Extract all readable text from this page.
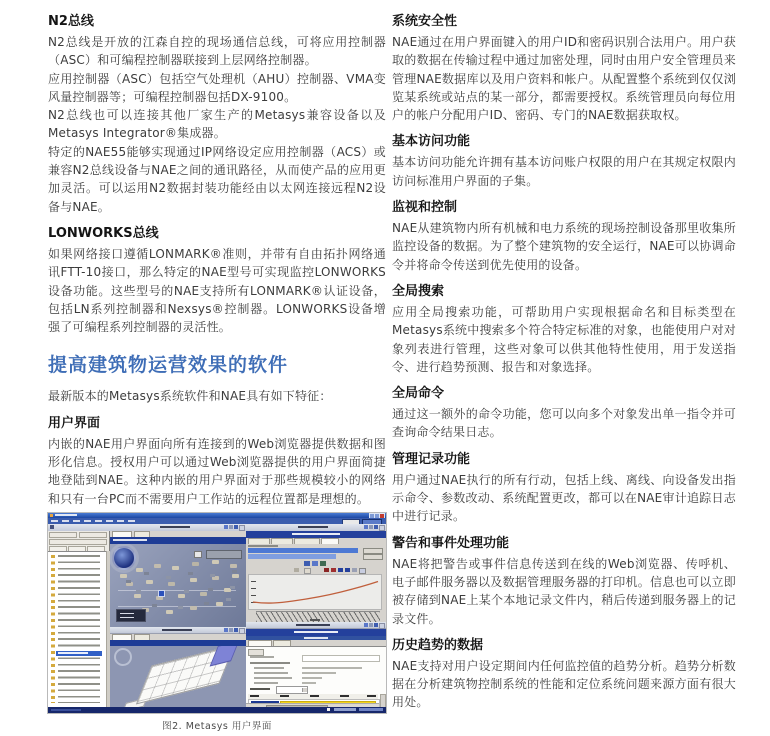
N2总线

N2总线是开放的江森自控的现场通信总线，可将应用控制器（ASC）和可编程控制器联接到上层网络控制器。

应用控制器（ASC）包括空气处理机（AHU）控制器、VMA变风量控制器等；可编程控制器包括DX-9100。

N2总线也可以连接其他厂家生产的Metasys兼容设备以及Metasys Integrator®集成器。

特定的NAE55能够实现通过IP网络设定应用控制器（ACS）或兼容N2总线设备与NAE之间的通讯路径，从而使产品的应用更加灵活。可以运用N2数据封装功能经由以太网连接远程N2设备与NAE。

LONWORKS总线

如果网络接口遵循LONMARK®准则，并带有自由拓扑网络通讯FTT-10接口，那么特定的NAE型号可实现监控LONWORKS设备功能。这些型号的NAE支持所有LONMARK®认证设备，包括LN系列控制器和Nexsys®控制器。LONWORKS设备增强了可编程系列控制器的灵活性。

提高建筑物运营效果的软件

最新版本的Metasys系统软件和NAE具有如下特征：

用户界面

内嵌的NAE用户界面向所有连接到的Web浏览器提供数据和图形化信息。授权用户可以通过Web浏览器提供的用户界面简捷地登陆到NAE。这种内嵌的用户界面对于那些规模较小的网络和只有一台PC而不需要用户工作站的远程位置都是理想的。

图2. Metasys 用户界面
系统安全性

NAE通过在用户界面键入的用户ID和密码识别合法用户。用户获取的数据在传输过程中通过加密处理，同时由用户安全管理员来管理NAE数据库以及用户资料和帐户。从配置整个系统到仅仅浏览某系统或站点的某一部分，都需要授权。系统管理员向每位用户的帐户分配用户ID、密码、专门的NAE数据获取权。

基本访问功能

基本访问功能允许拥有基本访问账户权限的用户在其规定权限内访问标准用户界面的子集。

监视和控制

NAE从建筑物内所有机械和电力系统的现场控制设备那里收集所监控设备的数据。为了整个建筑物的安全运行，NAE可以协调命令并将命令传送到优先使用的设备。

全局搜索

应用全局搜索功能，可帮助用户实现根据命名和目标类型在Metasys系统中搜索多个符合特定标准的对象，也能使用户对对象列表进行管理，这些对象可以供其他特性使用，用于发送指令、进行趋势预测、报告和对象选择。

全局命令

通过这一额外的命令功能，您可以向多个对象发出单一指令并可查询命令结果日志。

管理记录功能

用户通过NAE执行的所有行动，包括上线、离线、向设备发出指示命令、参数改动、系统配置更改，都可以在NAE审计追踪日志中进行记录。

警告和事件处理功能

NAE将把警告或事件信息传送到在线的Web浏览器、传呼机、电子邮件服务器以及数据管理服务器的打印机。信息也可以立即被存储到NAE上某个本地记录文件内，稍后传递到服务器上的记录文件。

历史趋势的数据

NAE支持对用户设定期间内任何监控值的趋势分析。趋势分析数据在分析建筑物控制系统的性能和定位系统问题来源方面有很大用处。
